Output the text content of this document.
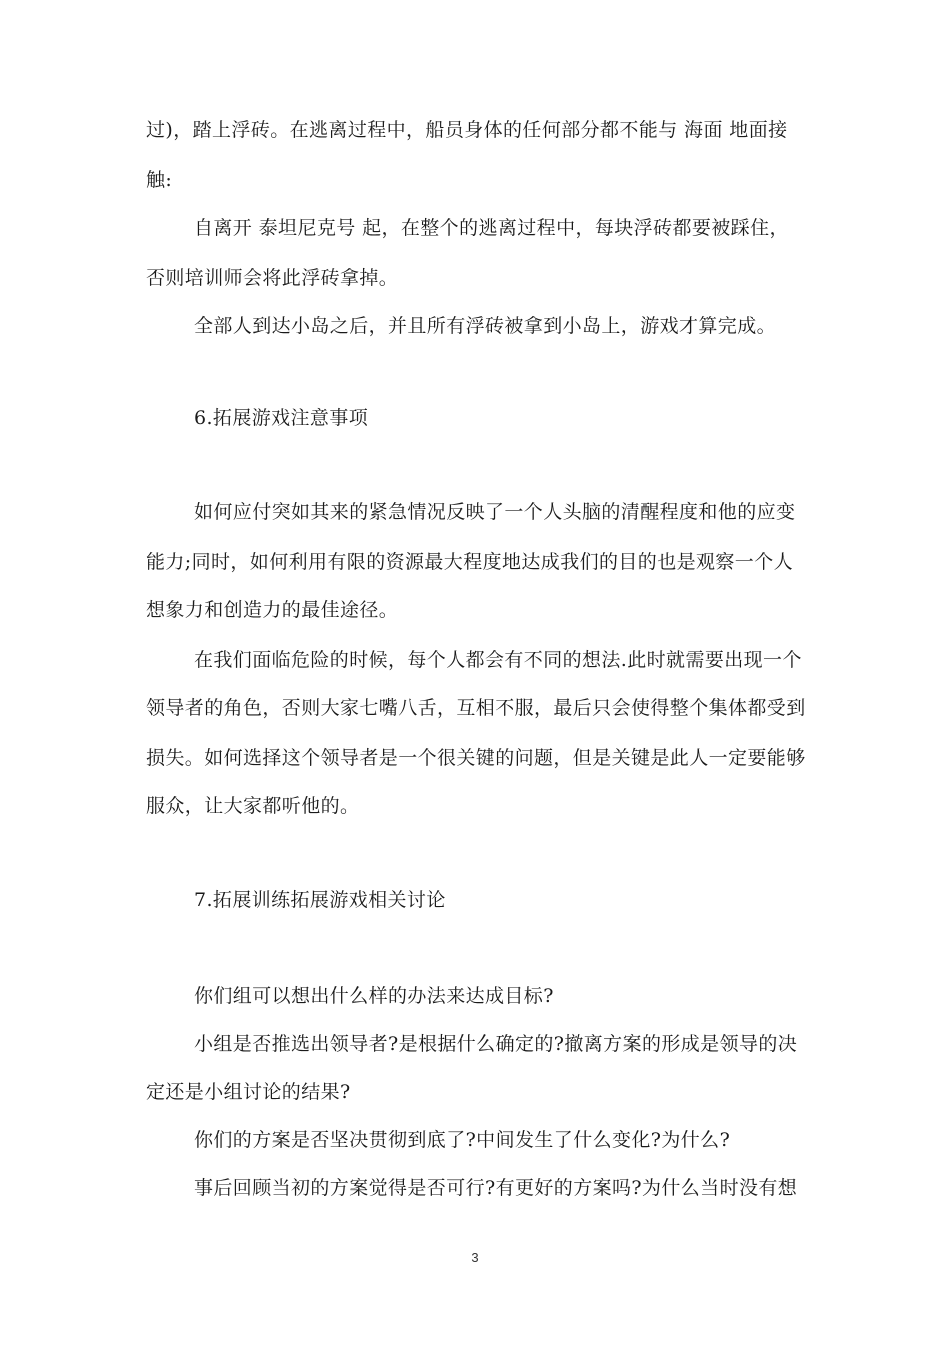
过)，踏上浮砖。在逃离过程中，船员身体的任何部分都不能与 海面 地面接
触:
自离开 泰坦尼克号 起，在整个的逃离过程中，每块浮砖都要被踩住，
否则培训师会将此浮砖拿掉。
全部人到达小岛之后，并且所有浮砖被拿到小岛上，游戏才算完成。
6.拓展游戏注意事项
如何应付突如其来的紧急情况反映了一个人头脑的清醒程度和他的应变
能力;同时，如何利用有限的资源最大程度地达成我们的目的也是观察一个人
想象力和创造力的最佳途径。
在我们面临危险的时候，每个人都会有不同的想法.此时就需要出现一个
领导者的角色，否则大家七嘴八舌，互相不服，最后只会使得整个集体都受到
损失。如何选择这个领导者是一个很关键的问题，但是关键是此人一定要能够
服众，让大家都听他的。
7.拓展训练拓展游戏相关讨论
你们组可以想出什么样的办法来达成目标?
小组是否推选出领导者?是根据什么确定的?撤离方案的形成是领导的决
定还是小组讨论的结果?
你们的方案是否坚决贯彻到底了?中间发生了什么变化?为什么?
事后回顾当初的方案觉得是否可行?有更好的方案吗?为什么当时没有想
3
